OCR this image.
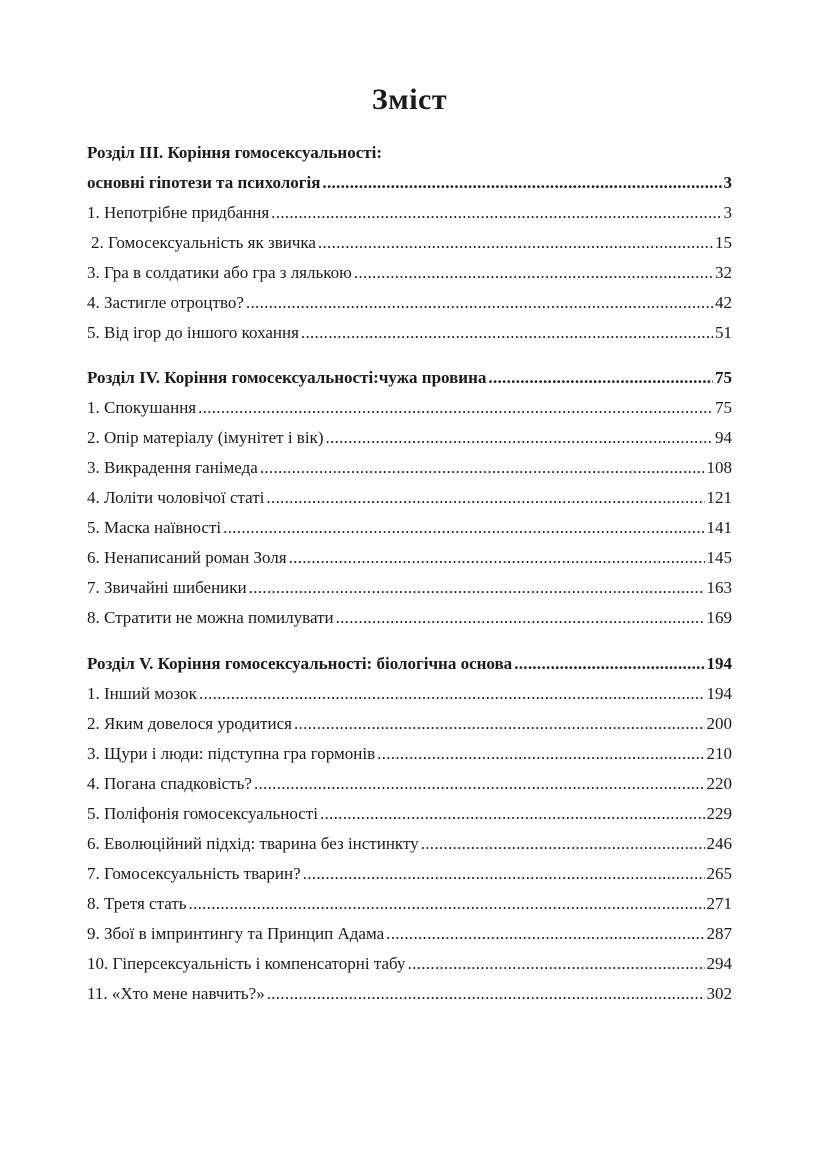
Зміст
Розділ ІІІ. Коріння гомосексуальності:
основні гіпотези та психологія .....	3
1. Непотрібне придбання .....	3
2. Гомосексуальність як звичка .....	15
3. Гра в солдатики або гра з лялькою .....	32
4. Застигле отроцтво? .....	42
5. Від ігор до іншого кохання .....	51
Розділ IV. Коріння гомосексуальності:чужа провина .....	75
1. Спокушання .....	75
2. Опір матеріалу (імунітет і вік) .....	94
3. Викрадення ганімеда .....	108
4. Лоліти чоловічої статі .....	121
5. Маска наївності .....	141
6. Ненаписаний роман Золя .....	145
7. Звичайні шибеники .....	163
8. Стратити не можна помилувати .....	169
Розділ V. Коріння гомосексуальності: біологічна основа .....	194
1. Інший мозок .....	194
2. Яким довелося уродитися .....	200
3. Щури і люди: підступна гра гормонів .....	210
4. Погана спадковість? .....	220
5. Поліфонія гомосексуальності .....	229
6. Еволюційний підхід: тварина без інстинкту .....	246
7. Гомосексуальність тварин? .....	265
8. Третя стать .....	271
9. Збої в імпринтингу та Принцип Адама .....	287
10. Гіперсексуальність і компенсаторні табу .....	294
11. «Хто мене навчить?» .....	302
